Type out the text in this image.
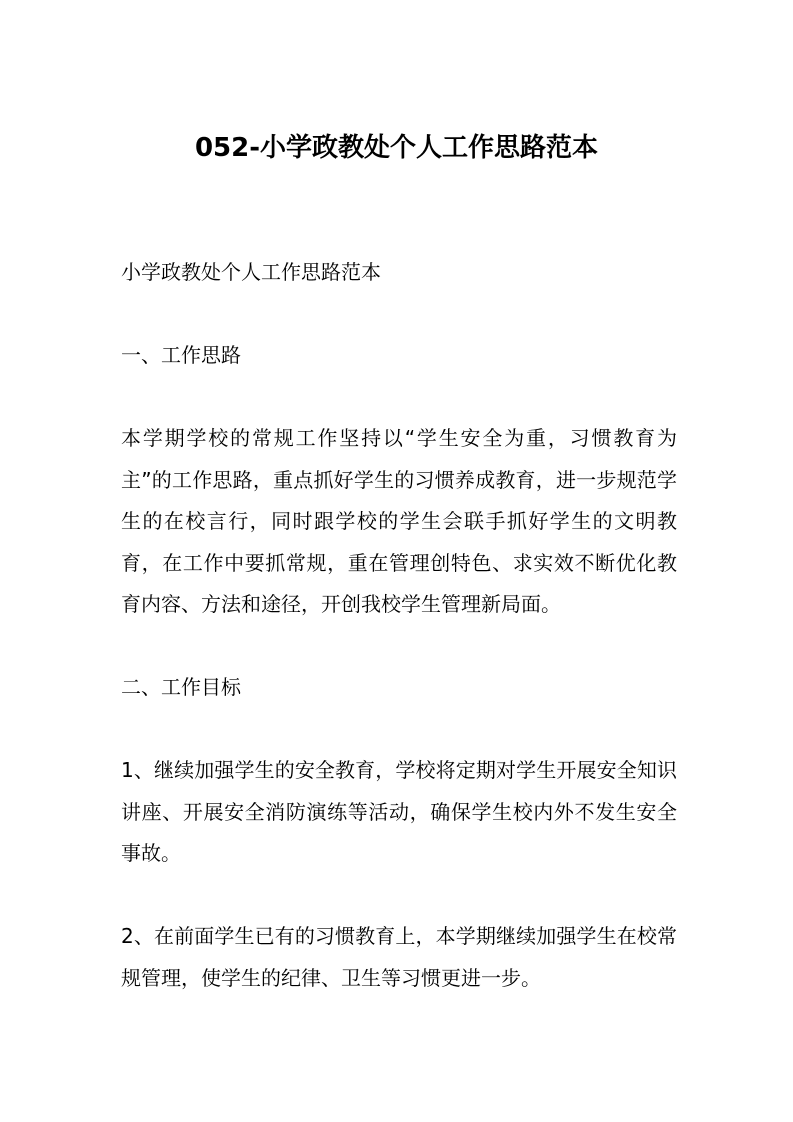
052-小学政教处个人工作思路范本

小学政教处个人工作思路范本

一、工作思路

本学期学校的常规工作坚持以“学生安全为重，习惯教育为主”的工作思路，重点抓好学生的习惯养成教育，进一步规范学生的在校言行，同时跟学校的学生会联手抓好学生的文明教育，在工作中要抓常规，重在管理创特色、求实效不断优化教育内容、方法和途径，开创我校学生管理新局面。

二、工作目标

1、继续加强学生的安全教育，学校将定期对学生开展安全知识讲座、开展安全消防演练等活动，确保学生校内外不发生安全事故。

2、在前面学生已有的习惯教育上，本学期继续加强学生在校常规管理，使学生的纪律、卫生等习惯更进一步。
